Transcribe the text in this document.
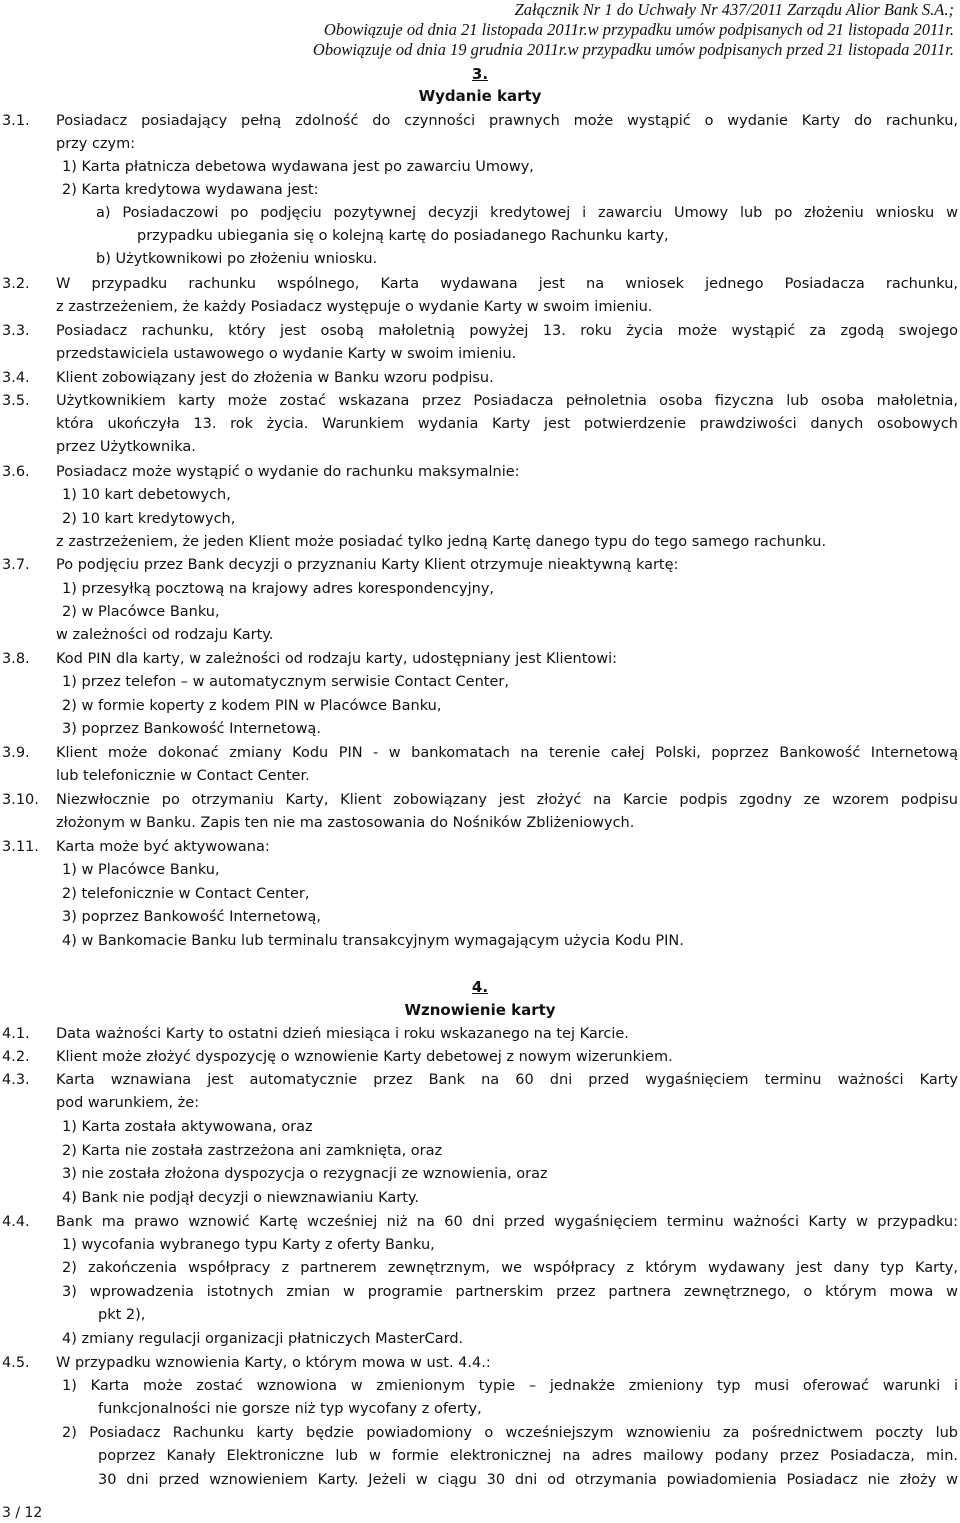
Załącznik Nr 1 do Uchwały Nr 437/2011 Zarządu Alior Bank S.A.;
Obowiązuje od dnia 21 listopada 2011r.w przypadku umów podpisanych od 21 listopada 2011r.
Obowiązuje od dnia 19 grudnia 2011r.w przypadku umów podpisanych przed 21 listopada 2011r.
3.
Wydanie karty
3.1. Posiadacz posiadający pełną zdolność do czynności prawnych może wystąpić o wydanie Karty do rachunku,
przy czym:
1) Karta płatnicza debetowa wydawana jest po zawarciu Umowy,
2) Karta kredytowa wydawana jest:
a) Posiadaczowi po podjęciu pozytywnej decyzji kredytowej i zawarciu Umowy lub po złożeniu wniosku w
przypadku ubiegania się o kolejną kartę do posiadanego Rachunku karty,
b) Użytkownikowi po złożeniu wniosku.
3.2. W przypadku rachunku wspólnego, Karta wydawana jest na wniosek jednego Posiadacza rachunku,
z zastrzeżeniem, że każdy Posiadacz występuje o wydanie Karty w swoim imieniu.
3.3. Posiadacz rachunku, który jest osobą małoletnią powyżej 13. roku życia może wystąpić za zgodą swojego
przedstawiciela ustawowego o wydanie Karty w swoim imieniu.
3.4. Klient zobowiązany jest do złożenia w Banku wzoru podpisu.
3.5. Użytkownikiem karty może zostać wskazana przez Posiadacza pełnoletnia osoba fizyczna lub osoba małoletnia,
która ukończyła 13. rok życia. Warunkiem wydania Karty jest potwierdzenie prawdziwości danych osobowych
przez Użytkownika.
3.6. Posiadacz może wystąpić o wydanie do rachunku maksymalnie:
1) 10 kart debetowych,
2) 10 kart kredytowych,
z zastrzeżeniem, że jeden Klient może posiadać tylko jedną Kartę danego typu do tego samego rachunku.
3.7. Po podjęciu przez Bank decyzji o przyznaniu Karty Klient otrzymuje nieaktywną kartę:
1) przesyłką pocztową na krajowy adres korespondencyjny,
2) w Placówce Banku,
w zależności od rodzaju Karty.
3.8. Kod PIN dla karty, w zależności od rodzaju karty, udostępniany jest Klientowi:
1) przez telefon – w automatycznym serwisie Contact Center,
2) w formie koperty z kodem PIN w Placówce Banku,
3) poprzez Bankowość Internetową.
3.9. Klient może dokonać zmiany Kodu PIN - w bankomatach na terenie całej Polski, poprzez Bankowość Internetową
lub telefonicznie w Contact Center.
3.10. Niezwłocznie po otrzymaniu Karty, Klient zobowiązany jest złożyć na Karcie podpis zgodny ze wzorem podpisu
złożonym w Banku. Zapis ten nie ma zastosowania do Nośników Zbliżeniowych.
3.11. Karta może być aktywowana:
1) w Placówce Banku,
2) telefonicznie w Contact Center,
3) poprzez Bankowość Internetową,
4) w Bankomacie Banku lub terminalu transakcyjnym wymagającym użycia Kodu PIN.
4.
Wznowienie karty
4.1. Data ważności Karty to ostatni dzień miesiąca i roku wskazanego na tej Karcie.
4.2. Klient może złożyć dyspozycję o wznowienie Karty debetowej z nowym wizerunkiem.
4.3. Karta wznawiana jest automatycznie przez Bank na 60 dni przed wygaśnięciem terminu ważności Karty
pod warunkiem, że:
1) Karta została aktywowana, oraz
2) Karta nie została zastrzeżona ani zamknięta, oraz
3) nie została złożona dyspozycja o rezygnacji ze wznowienia, oraz
4) Bank nie podjął decyzji o niewznawianiu Karty.
4.4. Bank ma prawo wznowić Kartę wcześniej niż na 60 dni przed wygaśnięciem terminu ważności Karty w przypadku:
1) wycofania wybranego typu Karty z oferty Banku,
2) zakończenia współpracy z partnerem zewnętrznym, we współpracy z którym wydawany jest dany typ Karty,
3) wprowadzenia istotnych zmian w programie partnerskim przez partnera zewnętrznego, o którym mowa w
pkt 2),
4) zmiany regulacji organizacji płatniczych MasterCard.
4.5. W przypadku wznowienia Karty, o którym mowa w ust. 4.4.:
1) Karta może zostać wznowiona w zmienionym typie – jednakże zmieniony typ musi oferować warunki i
funkcjonalności nie gorsze niż typ wycofany z oferty,
2) Posiadacz Rachunku karty będzie powiadomiony o wcześniejszym wznowieniu za pośrednictwem poczty lub
poprzez Kanały Elektroniczne lub w formie elektronicznej na adres mailowy podany przez Posiadacza, min.
30 dni przed wznowieniem Karty. Jeżeli w ciągu 30 dni od otrzymania powiadomienia Posiadacz nie złoży w
3 / 12
